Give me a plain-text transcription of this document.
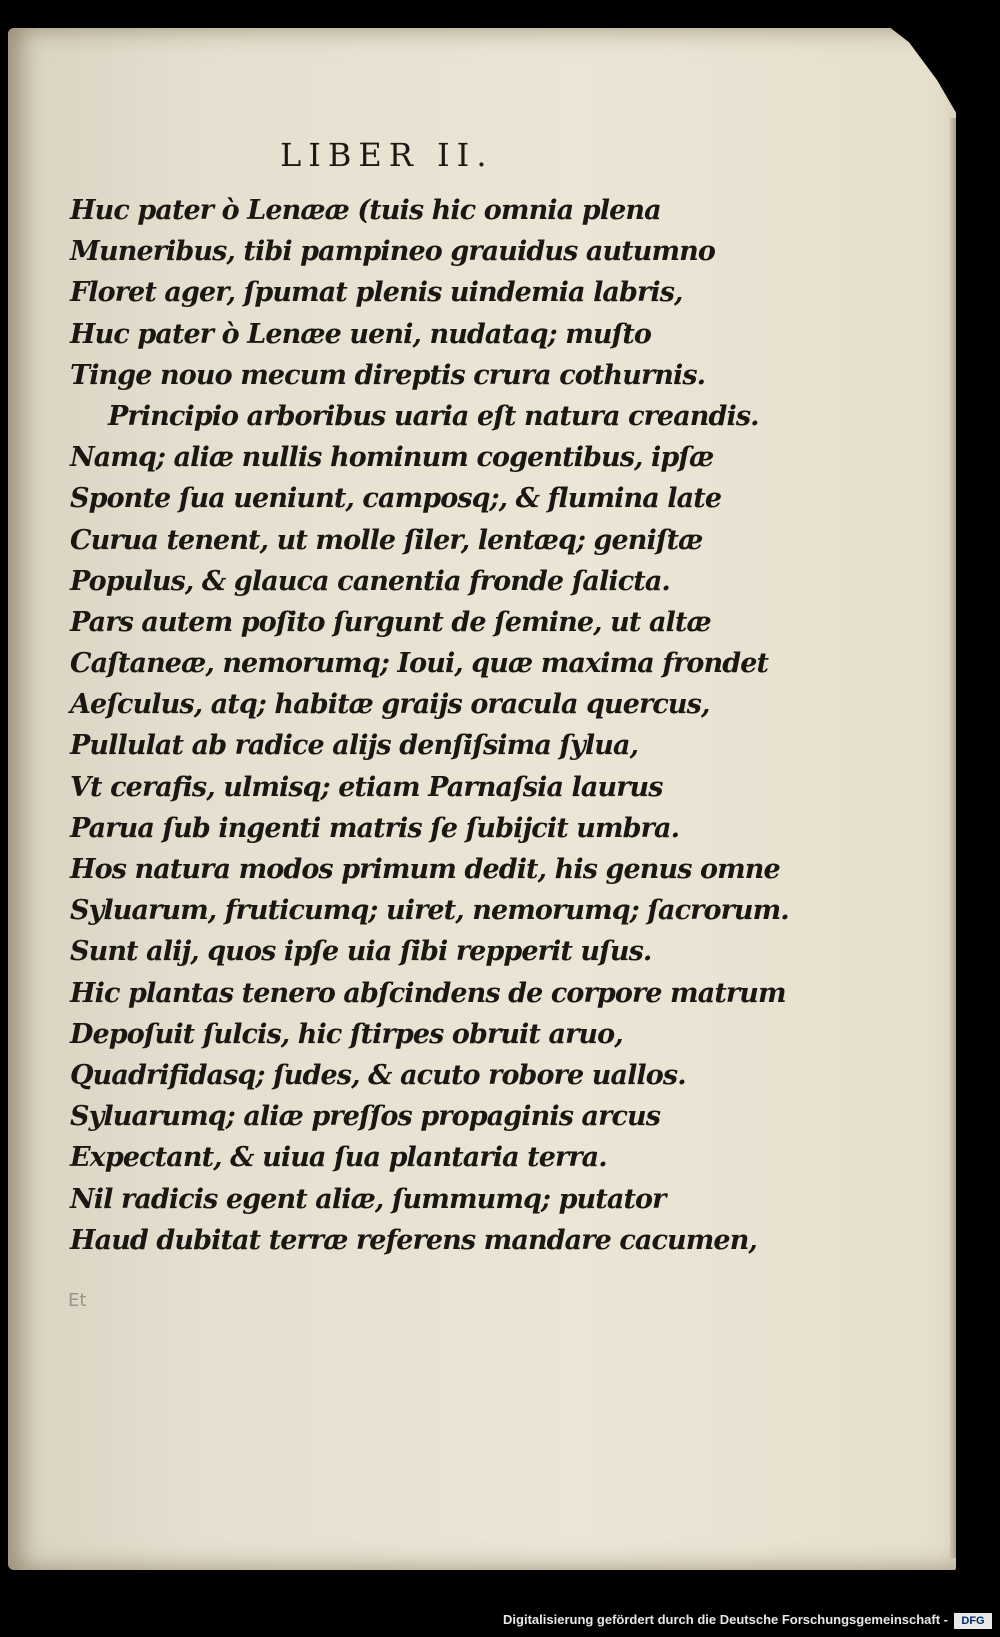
LIBER II.
Huc pater ò Lenææ (tuis hic omnia plena
Muneribus, tibi pampineo grauidus autumno
Floret ager, ſpumat plenis uindemia labris,
Huc pater ò Lenæe ueni, nudataq; muſto
Tinge nouo mecum direptis crura cothurnis.
Principio arboribus uaria eſt natura creandis.
Namq; aliæ nullis hominum cogentibus, ipſæ
Sponte ſua ueniunt, camposq;, & flumina late
Curua tenent, ut molle ſiler, lentæq; geniſtæ
Populus, & glauca canentia fronde ſalicta.
Pars autem poſito ſurgunt de ſemine, ut altæ
Caſtaneæ, nemorumq; Ioui, quæ maxima frondet
Aeſculus, atq; habitæ graijs oracula quercus,
Pullulat ab radice alijs denſiſsima ſylua,
Vt cerafis, ulmisq; etiam Parnaſsia laurus
Parua ſub ingenti matris ſe ſubijcit umbra.
Hos natura modos primum dedit, his genus omne
Syluarum, fruticumq; uiret, nemorumq; ſacrorum.
Sunt alij, quos ipſe uia ſibi repperit uſus.
Hic plantas tenero abſcindens de corpore matrum
Depoſuit ſulcis, hic ſtirpes obruit aruo,
Quadrifidasq; ſudes, & acuto robore uallos.
Syluarumq; aliæ preſſos propaginis arcus
Expectant, & uiua ſua plantaria terra.
Nil radicis egent aliæ, ſummumq; putator
Haud dubitat terræ referens mandare cacumen,
Et
Digitalisierung gefördert durch die Deutsche Forschungsgemeinschaft -	DFG
